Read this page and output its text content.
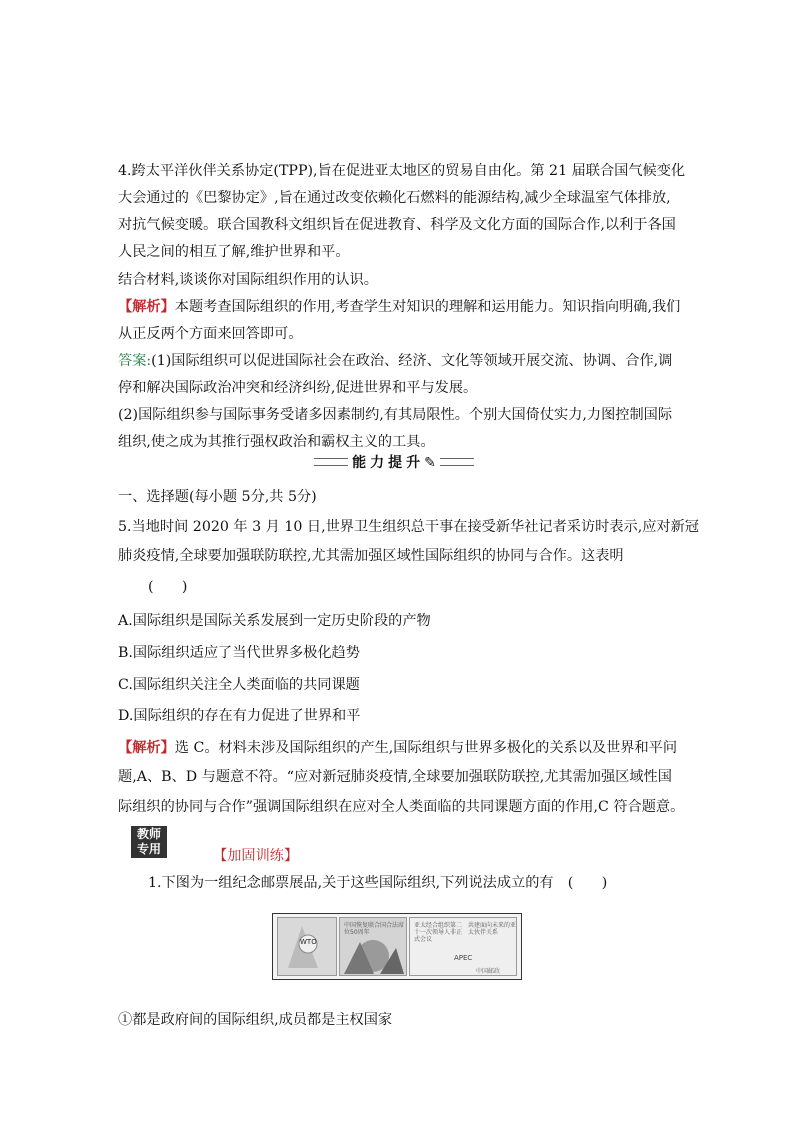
4.跨太平洋伙伴关系协定(TPP),旨在促进亚太地区的贸易自由化。第 21 届联合国气候变化
大会通过的《巴黎协定》,旨在通过改变依赖化石燃料的能源结构,减少全球温室气体排放,
对抗气候变暖。联合国教科文组织旨在促进教育、科学及文化方面的国际合作,以利于各国
人民之间的相互了解,维护世界和平。
结合材料,谈谈你对国际组织作用的认识。
【解析】本题考查国际组织的作用,考查学生对知识的理解和运用能力。知识指向明确,我们
从正反两个方面来回答即可。
答案:(1)国际组织可以促进国际社会在政治、经济、文化等领域开展交流、协调、合作,调
停和解决国际政治冲突和经济纠纷,促进世界和平与发展。
(2)国际组织参与国际事务受诸多因素制约,有其局限性。个别大国倚仗实力,力图控制国际
组织,使之成为其推行强权政治和霸权主义的工具。
能力提升✎
一、选择题(每小题 5分,共 5分)
5.当地时间 2020 年 3 月 10 日,世界卫生组织总干事在接受新华社记者采访时表示,应对新冠
肺炎疫情,全球要加强联防联控,尤其需加强区域性国际组织的协同与合作。这表明
(　　)
A.国际组织是国际关系发展到一定历史阶段的产物
B.国际组织适应了当代世界多极化趋势
C.国际组织关注全人类面临的共同课题
D.国际组织的存在有力促进了世界和平
【解析】选 C。材料未涉及国际组织的产生,国际组织与世界多极化的关系以及世界和平问
题,A、B、D 与题意不符。“应对新冠肺炎疫情,全球要加强联防联控,尤其需加强区域性国
际组织的协同与合作”强调国际组织在应对全人类面临的共同课题方面的作用,C 符合题意。
教师
专用	【加固训练】
1.下图为一组纪念邮票展品,关于这些国际组织,下列说法成立的有　(　　)
WTO
中国恢复联合国合法席位50周年
亚太经合组织第二十一次领导人非正式会议
共建面向未来的亚太伙伴关系
APEC
中国邮政
①都是政府间的国际组织,成员都是主权国家
